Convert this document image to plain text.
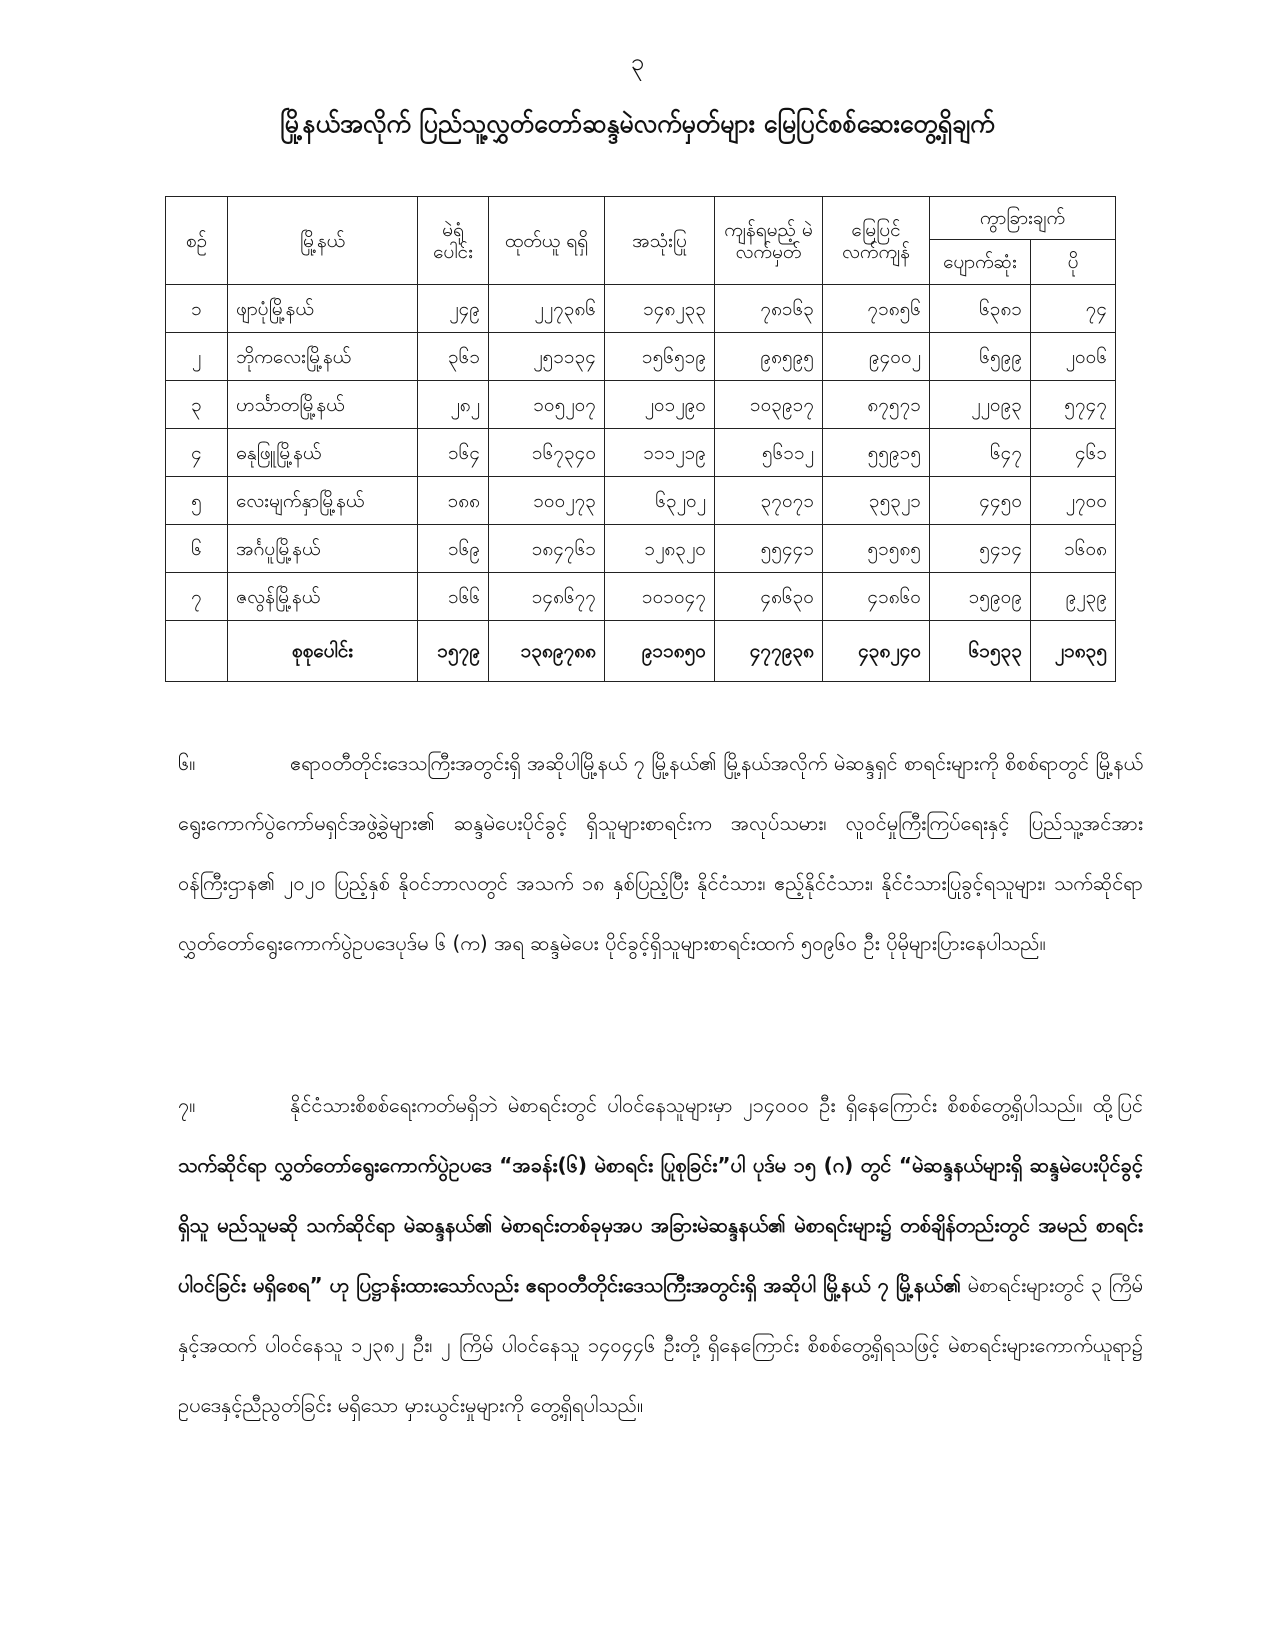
၃
မြို့နယ်အလိုက် ပြည်သူ့လွှတ်တော်ဆန္ဒမဲလက်မှတ်များ မြေပြင်စစ်ဆေးတွေ့ရှိချက်
စဉ်	မြို့နယ်	မဲရုံ ပေါင်း	ထုတ်ယူ ရရှိ	အသုံးပြု	ကျန်ရမည့် မဲလက်မှတ်	မြေပြင် လက်ကျန်	ကွာခြားချက်	
							ပျောက်ဆုံး	ပို
၁	ဖျာပုံမြို့နယ်	၂၄၉	၂၂၇၃၈၆	၁၄၈၂၃၃	၇၈၁၆၃	၇၁၈၅၆	၆၃၈၁	၇၄
၂	ဘိုကလေးမြို့နယ်	၃၆၁	၂၅၁၁၃၄	၁၅၆၅၁၉	၉၈၅၉၅	၉၄၀၀၂	၆၅၉၉	၂၀၀၆
၃	ဟင်္သာတမြို့နယ်	၂၈၂	၁၀၅၂၀၇	၂၀၁၂၉၀	၁၀၃၉၁၇	၈၇၅၇၁	၂၂၀၉၃	၅၇၄၇
၄	ဓနုဖြူမြို့နယ်	၁၆၄	၁၆၇၃၄၀	၁၁၁၂၁၉	၅၆၁၁၂	၅၅၉၁၅	၆၄၇	၄၆၁
၅	လေးမျက်နှာမြို့နယ်	၁၈၈	၁၀၀၂၇၃	၆၃၂၀၂	၃၇၀၇၁	၃၅၃၂၁	၄၄၅၀	၂၇၀၀
၆	အင်္ဂပူမြို့နယ်	၁၆၉	၁၈၄၇၆၁	၁၂၈၃၂၀	၅၅၄၄၁	၅၁၅၈၅	၅၄၁၄	၁၆၀၈
၇	ဇလွန်မြို့နယ်	၁၆၆	၁၄၈၆၇၇	၁၀၁၀၄၇	၄၈၆၃၀	၄၁၈၆၀	၁၅၉၀၉	၉၂၃၉
	စုစုပေါင်း	၁၅၇၉	၁၃၈၉၇၈၈	၉၁၁၈၅၀	၄၇၇၉၃၈	၄၃၈၂၄၀	၆၁၅၃၃	၂၁၈၃၅

၆။	ဧရာဝတီတိုင်းဒေသကြီးအတွင်းရှိ အဆိုပါမြို့နယ် ၇ မြို့နယ်၏ မြို့နယ်အလိုက် မဲဆန္ဒရှင် စာရင်းများကို စိစစ်ရာတွင် မြို့နယ်ရွေးကောက်ပွဲကော်မရှင်အဖွဲ့ခွဲများ၏ ဆန္ဒမဲပေးပိုင်ခွင့် ရှိသူများစာရင်းက အလုပ်သမား၊ လူဝင်မှုကြီးကြပ်ရေးနှင့် ပြည်သူ့အင်အား ဝန်ကြီးဌာန၏ ၂၀၂၀ ပြည့်နှစ် နိုဝင်ဘာလတွင် အသက် ၁၈ နှစ်ပြည့်ပြီး နိုင်ငံသား၊ ဧည့်နိုင်ငံသား၊ နိုင်ငံသားပြုခွင့်ရသူများ၊ သက်ဆိုင်ရာလွှတ်တော်ရွေးကောက်ပွဲဥပဒေပုဒ်မ ၆ (က) အရ ဆန္ဒမဲပေး ပိုင်ခွင့်ရှိသူများစာရင်းထက် ၅၀၉၆၀ ဦး ပိုမိုများပြားနေပါသည်။

၇။	နိုင်ငံသားစိစစ်ရေးကတ်မရှိဘဲ မဲစာရင်းတွင် ပါဝင်နေသူများမှာ ၂၁၄၀၀၀ ဦး ရှိနေကြောင်း စိစစ်တွေ့ရှိပါသည်။ ထို့ပြင် သက်ဆိုင်ရာ လွှတ်တော်ရွေးကောက်ပွဲဥပဒေ “အခန်း(၆) မဲစာရင်း ပြုစုခြင်း”ပါ ပုဒ်မ ၁၅ (ဂ) တွင် “မဲဆန္ဒနယ်များရှိ ဆန္ဒမဲပေးပိုင်ခွင့်ရှိသူ မည်သူမဆို သက်ဆိုင်ရာ မဲဆန္ဒနယ်၏ မဲစာရင်းတစ်ခုမှအပ အခြားမဲဆန္ဒနယ်၏ မဲစာရင်းများ၌ တစ်ချိန်တည်းတွင် အမည် စာရင်း ပါဝင်ခြင်း မရှိစေရ” ဟု ပြဋ္ဌာန်းထားသော်လည်း ဧရာဝတီတိုင်းဒေသကြီးအတွင်းရှိ အဆိုပါ မြို့နယ် ၇ မြို့နယ်၏ မဲစာရင်းများတွင် ၃ ကြိမ်နှင့်အထက် ပါဝင်နေသူ ၁၂၃၈၂ ဦး၊ ၂ ကြိမ် ပါဝင်နေသူ ၁၄၀၄၄၆ ဦးတို့ ရှိနေကြောင်း စိစစ်တွေ့ရှိရသဖြင့် မဲစာရင်းများကောက်ယူရာ၌ ဥပဒေနှင့်ညီညွတ်ခြင်း မရှိသော မှားယွင်းမှုများကို တွေ့ရှိရပါသည်။
